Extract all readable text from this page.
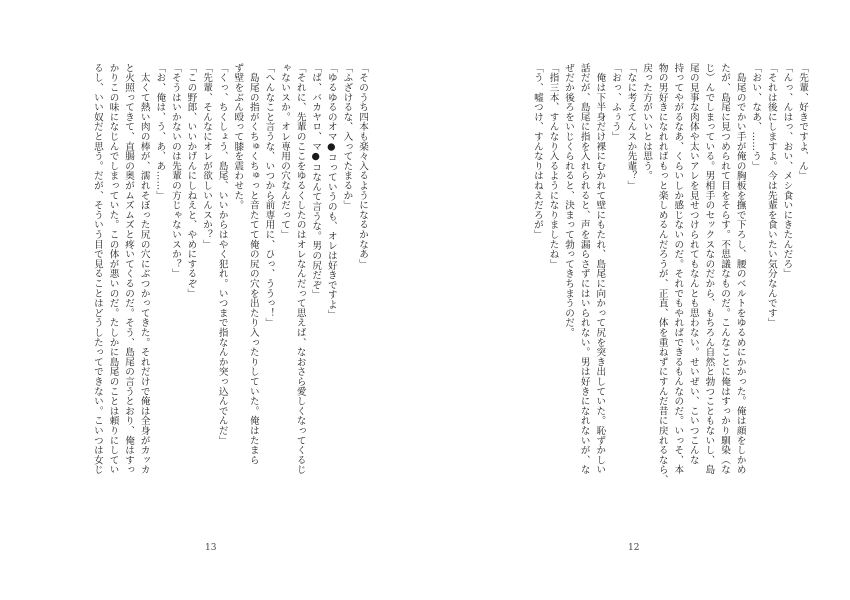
「そのうち四本も楽々入るようになるかなあ」
「ふざけるな、入ってたまるか」
「ゆるゆるのオマ●コっていうのも、オレは好きですよ」
「ば、バカヤロ、マ●コなんて言うな。男の尻だぞ」
「それに、先輩のここをゆるくしたのはオレなんだって思えば、なおさら愛しくなってくるじ
ゃないスか。オレ専用の穴なんだって」
「へんなこと言うな、いつから前専用に、ひっ、ううっ！」
　島尾の指がくちゅくちゅっと音たてて俺の尻の穴を出たり入ったりしていた。俺はたまら
ず壁をぶん殴って膝を震わせた。
「くっ、ちくしょう、島尾、いいからはやく犯れ。いつまで指なんか突っ込んでんだ」
「先輩、そんなにオレが欲しいんスか？」
「この野郎、いいかげんにしねえと、やめにするぞ」
「そうはいかないのは先輩の方じゃないスか？」
「お、俺は、う、あ、あ……」
　太くて熱い肉の棒が、濡れそぼった尻の穴にぶつかってきた。それだけで俺は全身がカッカ
と火照ってきて、直腸の奥がムズムズと疼いてくるのだ。そう、島尾の言うとおり、俺はすっ
かりこの味になじんでしまっていた。この体が悪いのだ。たしかに島尾のことは頼りにしてい
るし、いい奴だと思う。だが、そういう目で見ることはどうしたってできない。こいつは女じ
13
「先輩、好きですよ、ん」
「んっ、んはっ、おい、メシ食いにきたんだろ」
「それは後にしますよ。今は先輩を食いたい気分なんです」
「おい、なあ、……う」
　島尾のでかい手が俺の胸板を撫で下ろし、腰のベルトをゆるめにかかった。俺は顔をしかめ
たが、島尾に見つめられて目をそらす。不思議なものだ。こんなことに俺はすっかり馴染（な
じ）んでしまっている。男相手のセックスなのだから、もちろん自然と勃つこともないし、島
尾の見事な肉体や太いアレを見せつけられてもなんとも思わない。せいぜい、こいつこんな
持ってやがるなあ、くらいしか感じないのだ。それでもやればできるもんなのだ。いっそ、本
物の男好きになれればもっと楽しめるんだろうが、正直、体を重ねずにすんだ昔に戻れるなら、
戻った方がいいとは思う。
「なに考えてんスか先輩？」
「おっ、ふぅう」
　俺は下半身だけ裸にむかれて壁にもたれ、島尾に向かって尻を突き出していた。恥ずかしい
話だが、島尾に指を入れられると、声を漏らさずにはいられない。男は好きになれないが、な
ぜだか後ろをいじくられると、決まって勃ってきちまうのだ。
「指三本、すんなり入るようになりましたね」
「う、嘘つけ、すんなりはねえだろが」
12
